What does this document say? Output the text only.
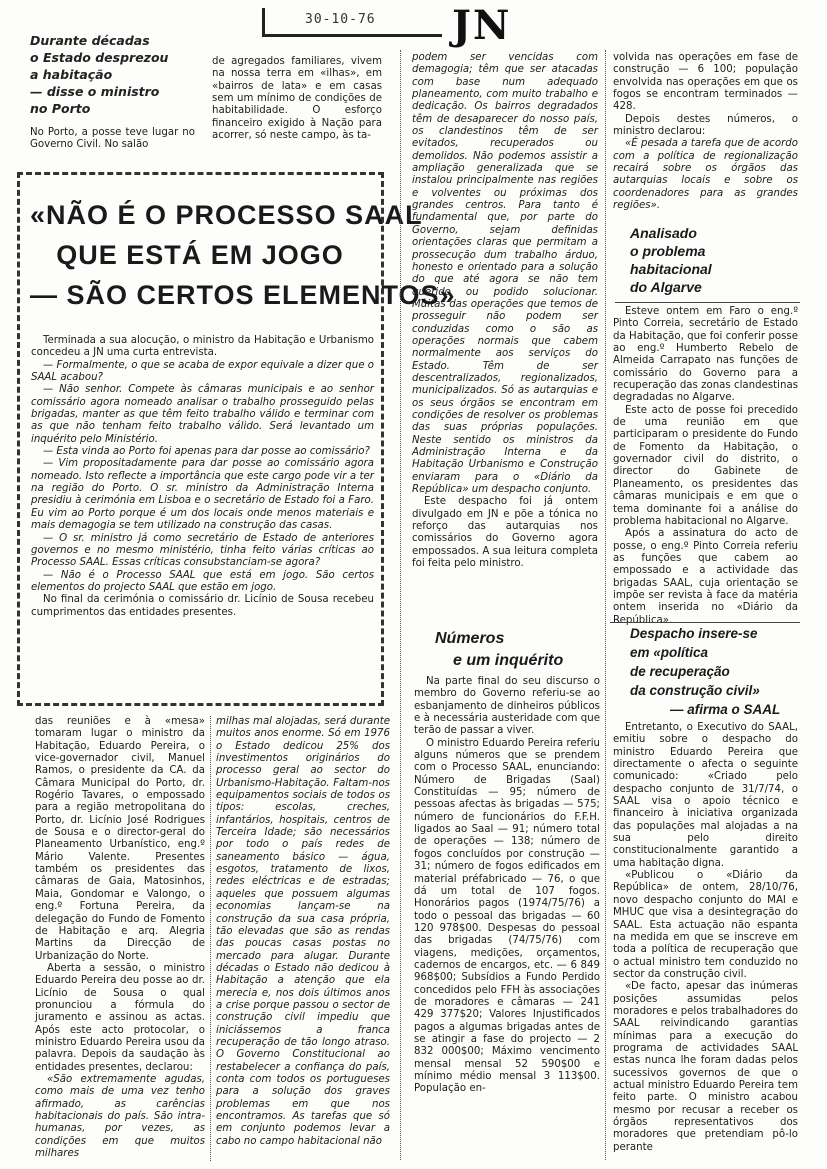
JN
30-10-76
Durante décadas
o Estado desprezou
a habitação
— disse o ministro
no Porto

No Porto, a posse teve lugar no Governo Civil. No salão

de agregados familiares, vivem na nossa terra em «ilhas», em «bairros de lata» e em casas sem um mínimo de condições de habitabilidade. O esforço financeiro exigido à Nação para acorrer, só neste campo, às ta-

«NÃO É O PROCESSO SAAL
QUE ESTÁ EM JOGO
— SÃO CERTOS ELEMENTOS»

Terminada a sua alocução, o ministro da Habitação e Urbanismo concedeu a JN uma curta entrevista.

— Formalmente, o que se acaba de expor equivale a dizer que o SAAL acabou?

— Não senhor. Compete às câmaras municipais e ao senhor comissário agora nomeado analisar o trabalho prosseguido pelas brigadas, manter as que têm feito trabalho válido e terminar com as que não tenham feito trabalho válido. Será levantado um inquérito pelo Ministério.

— Esta vinda ao Porto foi apenas para dar posse ao comissário?

— Vim propositadamente para dar posse ao comissário agora nomeado. Isto reflecte a importância que este cargo pode vir a ter na região do Porto. O sr. ministro da Administração Interna presidiu à cerimónia em Lisboa e o secretário de Estado foi a Faro. Eu vim ao Porto porque é um dos locais onde menos materiais e mais demagogia se tem utilizado na construção das casas.

— O sr. ministro já como secretário de Estado de anteriores governos e no mesmo ministério, tinha feito várias críticas ao Processo SAAL. Essas críticas consubstanciam-se agora?

— Não é o Processo SAAL que está em jogo. São certos elementos do projecto SAAL que estão em jogo.

No final da cerimónia o comissário dr. Licínio de Sousa recebeu cumprimentos das entidades presentes.

das reuniões e à «mesa» tomaram lugar o ministro da Habitação, Eduardo Pereira, o vice-governador civil, Manuel Ramos, o presidente da CA. da Câmara Municipal do Porto, dr. Rogério Tavares, o empossado para a região metropolitana do Porto, dr. Licínio José Rodrigues de Sousa e o director-geral do Planeamento Urbanístico, eng.º Mário Valente. Presentes também os presidentes das câmaras de Gaia, Matosinhos, Maia, Gondomar e Valongo, o eng.º Fortuna Pereira, da delegação do Fundo de Fomento de Habitação e arq. Alegria Martins da Direcção de Urbanização do Norte.

Aberta a sessão, o ministro Eduardo Pereira deu posse ao dr. Licínio de Sousa o qual pronunciou a fórmula do juramento e assinou as actas. Após este acto protocolar, o ministro Eduardo Pereira usou da palavra. Depois da saudação às entidades presentes, declarou:

«São extremamente agudas, como mais de uma vez tenho afirmado, as carências habitacionais do país. São intra-humanas, por vezes, as condições em que muitos milhares

milhas mal alojadas, será durante muitos anos enorme. Só em 1976 o Estado dedicou 25% dos investimentos originários do processo geral ao sector do Urbanismo-Habitação. Faltam-nos equipamentos sociais de todos os tipos: escolas, creches, infantários, hospitais, centros de Terceira Idade; são necessários por todo o país redes de saneamento básico — água, esgotos, tratamento de lixos, redes eléctricas e de estradas; aqueles que possuem algumas economias lançam-se na construção da sua casa própria, tão elevadas que são as rendas das poucas casas postas no mercado para alugar. Durante décadas o Estado não dedicou à Habitação a atenção que ela merecia e, nos dois últimos anos a crise porque passou o sector de construção civil impediu que iniciássemos a franca recuperação de tão longo atraso. O Governo Constitucional ao restabelecer a confiança do país, conta com todos os portugueses para a solução dos graves problemas em que nos encontramos. As tarefas que só em conjunto podemos levar a cabo no campo habitacional não

podem ser vencidas com demagogia; têm que ser atacadas com base num adequado planeamento, com muito trabalho e dedicação. Os bairros degradados têm de desaparecer do nosso país, os clandestinos têm de ser evitados, recuperados ou demolidos. Não podemos assistir a ampliação generalizada que se instalou principalmente nas regiões e volventes ou próximas dos grandes centros. Para tanto é fundamental que, por parte do Governo, sejam definidas orientações claras que permitam a prossecução dum trabalho árduo, honesto e orientado para a solução do que até agora se não tem querido ou podido solucionar. Muitas das operações que temos de prosseguir não podem ser conduzidas como o são as operações normais que cabem normalmente aos serviços do Estado. Têm de ser descentralizados, regionalizados, municipalizados. Só as autarquias e os seus órgãos se encontram em condições de resolver os problemas das suas próprias populações. Neste sentido os ministros da Administração Interna e da Habitação Urbanismo e Construção enviaram para o «Diário da República» um despacho conjunto.

Este despacho foi já ontem divulgado em JN e põe a tónica no reforço das autarquias nos comissários do Governo agora empossados. A sua leitura completa foi feita pelo ministro.

Números
e um inquérito

Na parte final do seu discurso o membro do Governo referiu-se ao esbanjamento de dinheiros públicos e à necessária austeridade com que terão de passar a viver.

O ministro Eduardo Pereira referiu alguns números que se prendem com o Processo SAAL, enunciando: Número de Brigadas (Saal) Constituídas — 95; número de pessoas afectas às brigadas — 575; número de funcionários do F.F.H. ligados ao Saal — 91; número total de operações — 138; número de fogos concluídos por construção — 31; número de fogos edificados em material préfabricado — 76, o que dá um total de 107 fogos. Honorários pagos (1974/75/76) a todo o pessoal das brigadas — 60 120 978$00. Despesas do pessoal das brigadas (74/75/76) com viagens, medições, orçamentos, cadernos de encargos, etc. — 6 849 968$00; Subsídios a Fundo Perdido concedidos pelo FFH às associações de moradores e câmaras — 241 429 377$20; Valores Injustificados pagos a algumas brigadas antes de se atingir a fase do projecto — 2 832 000$00; Máximo vencimento mensal mensal 52 590$00 e mínimo médio mensal 3 113$00. População en-

volvida nas operações em fase de construção — 6 100; população envolvida nas operações em que os fogos se encontram terminados — 428.

Depois destes números, o ministro declarou:

«É pesada a tarefa que de acordo com a política de regionalização recairá sobre os órgãos das autarquias locais e sobre os coordenadores para as grandes regiões».

Analisado
o problema
habitacional
do Algarve

Esteve ontem em Faro o eng.º Pinto Correia, secretário de Estado da Habitação, que foi conferir posse ao eng.º Humberto Rebelo de Almeida Carrapato nas funções de comissário do Governo para a recuperação das zonas clandestinas degradadas no Algarve.

Este acto de posse foi precedido de uma reunião em que participaram o presidente do Fundo de Fomento da Habitação, o governador civil do distrito, o director do Gabinete de Planeamento, os presidentes das câmaras municipais e em que o tema dominante foi a análise do problema habitacional no Algarve.

Após a assinatura do acto de posse, o eng.º Pinto Correia referiu as funções que cabem ao empossado e a actividade das brigadas SAAL, cuja orientação se impõe ser revista à face da matéria ontem inserida no «Diário da República».

Despacho insere-se
em «política
de recuperação
da construção civil»
— afirma o SAAL

Entretanto, o Executivo do SAAL, emitiu sobre o despacho do ministro Eduardo Pereira que directamente o afecta o seguinte comunicado: «Criado pelo despacho conjunto de 31/7/74, o SAAL visa o apoio técnico e financeiro à iniciativa organizada das populações mal alojadas a na sua pelo direito constitucionalmente garantido a uma habitação digna.

«Publicou o «Diário da República» de ontem, 28/10/76, novo despacho conjunto do MAI e MHUC que visa a desintegração do SAAL. Esta actuação não espanta na medida em que se inscreve em toda a política de recuperação que o actual ministro tem conduzido no sector da construção civil.

«De facto, apesar das inúmeras posições assumidas pelos moradores e pelos trabalhadores do SAAL reivindicando garantias mínimas para a execução do programa de actividades SAAL estas nunca lhe foram dadas pelos sucessivos governos de que o actual ministro Eduardo Pereira tem feito parte. O ministro acabou mesmo por recusar a receber os órgãos representativos dos moradores que pretendiam pô-lo perante
